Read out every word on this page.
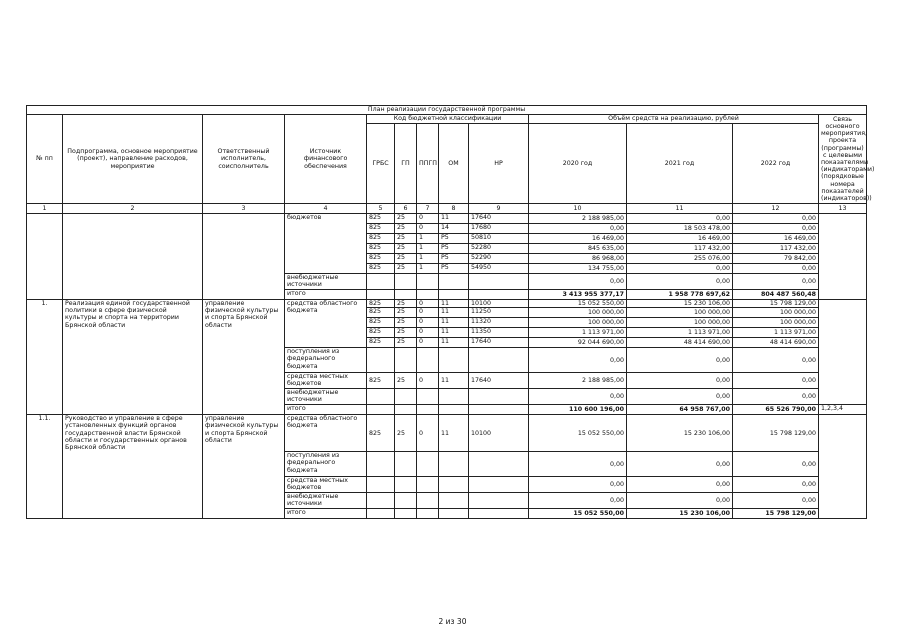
План реализации государственной программы												
№ пп	Подпрограмма, основное мероприятие (проект), направление расходов, мероприятие	Ответственный исполнитель, соисполнитель	Источник финансового обеспечения	Код бюджетной классификации					Объём средств на реализацию, рублей			Связь основного мероприятия, проекта (программы) с целевыми показателями (индикаторами) (порядковые номера показателей (индикаторов))
				ГРБС	ГП	ППГП	ОМ	НР	2020 год	2021 год	2022 год	
1	2	3	4	5	6	7	8	9	10	11	12	13
			бюджетов	825	25	0	11	17640	2 188 985,00	0,00	0,00	
				825	25	0	14	17680	0,00	18 503 478,00	0,00	
				825	25	1	P5	50810	16 469,00	16 469,00	16 469,00	
				825	25	1	P5	52280	845 635,00	117 432,00	117 432,00	
				825	25	1	P5	52290	86 968,00	255 076,00	79 842,00	
				825	25	1	P5	54950	134 755,00	0,00	0,00	
			внебюджетные источники						0,00	0,00	0,00	
			итого						3 413 955 377,17	1 958 778 697,62	804 487 560,48	
1.	Реализация единой государственной политики в сфере физической культуры и спорта на территории Брянской области	управление физической культуры и спорта Брянской области	средства областного бюджета	825	25	0	11	10100	15 052 550,00	15 230 106,00	15 798 129,00	
				825	25	0	11	11250	100 000,00	100 000,00	100 000,00	
				825	25	0	11	11320	100 000,00	100 000,00	100 000,00	
				825	25	0	11	11350	1 113 971,00	1 113 971,00	1 113 971,00	
				825	25	0	11	17640	92 044 690,00	48 414 690,00	48 414 690,00	
			поступления из федерального бюджета						0,00	0,00	0,00	
			средства местных бюджетов	825	25	0	11	17640	2 188 985,00	0,00	0,00	
			внебюджетные источники						0,00	0,00	0,00	
			итого						110 600 196,00	64 958 767,00	65 526 790,00	1,2,3,4
1.1.	Руководство и управление в сфере установленных функций органов государственной власти Брянской области и государственных органов Брянской области	управление физической культуры и спорта Брянской области	средства областного бюджета	825	25	0	11	10100	15 052 550,00	15 230 106,00	15 798 129,00	
			поступления из федерального бюджета						0,00	0,00	0,00	
			средства местных бюджетов						0,00	0,00	0,00	
			внебюджетные источники						0,00	0,00	0,00	
			итого						15 052 550,00	15 230 106,00	15 798 129,00	
2 из 30
